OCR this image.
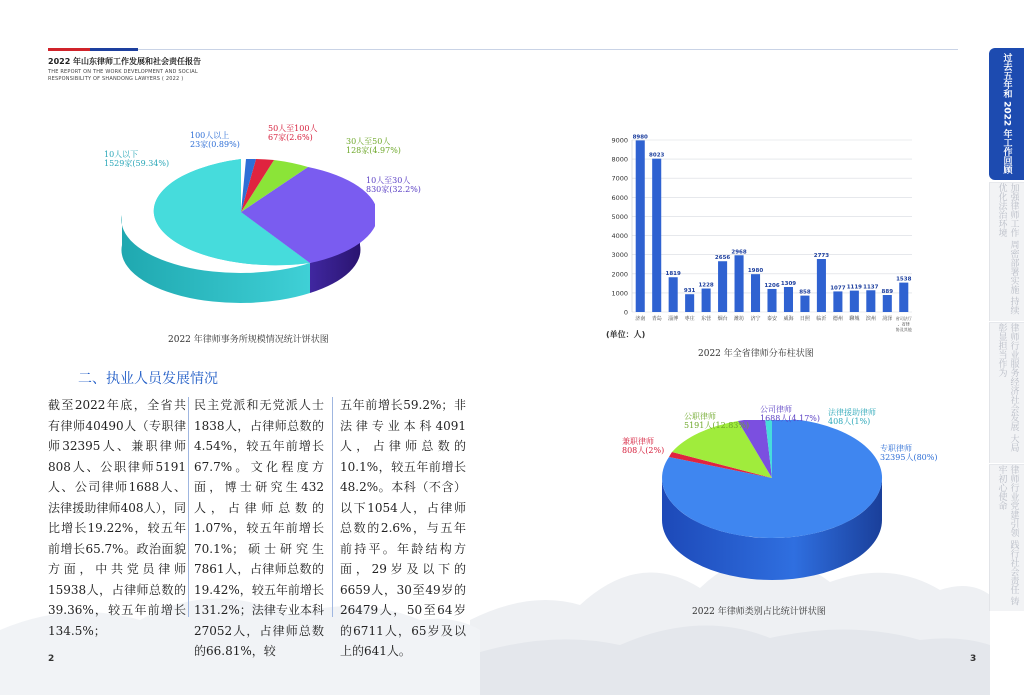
2022 年山东律师工作发展和社会责任报告
THE REPORT ON THE WORK DEVELOPMENT AND SOCIAL RESPONSIBILITY OF SHANDONG LAWYERS ( 2022 )	过去五年和 2022 年工作回顾
加强律师工作 周密部署实施 持续优化法治环境
律师行业服务经济社会发展 大局 彰显担当作为
律师行业党建引领 践行社会责任 铸牢初心使命
100人以上
23家(0.89%)
50人至100人
67家(2.6%)	30人至50人
128家(4.97%)
10人至30人
830家(32.2%)
10人以下
1529家(59.34%)
2022 年律师事务所规模情况统计饼状图
0
1000
2000
3000
4000
5000
6000
7000
8000
9000 8980
济南
8023
青岛
1819
淄博
931
枣庄
1228
东营
2656
烟台
2968
潍坊
1980
济宁
1206
泰安
1309
威海
858
日照
2773
临沂
1077
德州
1119
聊城
1137
滨州
889
菏泽
1538
省司法厅
、省律
协及其他
(单位：人)
2022 年全省律师分布柱状图
公司律师
1688人(4.17%)
法律援助律师
408人(1%)
公职律师
5191人(12.83%)
兼职律师
808人(2%)	专职律师
32395人(80%)
2022 年律师类别占比统计饼状图
二、执业人员发展情况
截至2022年底，全省共有律师40490人（专职律师32395人、兼职律师808人、公职律师5191人、公司律师1688人、法律援助律师408人），同比增长19.22%，较五年前增长65.7%。政治面貌方面，中共党员律师15938人，占律师总数的39.36%，较五年前增长134.5%；
民主党派和无党派人士1838人，占律师总数的4.54%，较五年前增长67.7%。文化程度方面，博士研究生432人，占律师总数的1.07%，较五年前增长70.1%；硕士研究生7861人，占律师总数的19.42%，较五年前增长131.2%；法律专业本科27052人，占律师总数的66.81%，较
五年前增长59.2%；非法律专业本科4091人，占律师总数的10.1%，较五年前增长48.2%。本科（不含）以下1054人，占律师总数的2.6%，与五年前持平。年龄结构方面，29岁及以下的6659人，30至49岁的26479人，50至64岁的6711人，65岁及以上的641人。
2	3
